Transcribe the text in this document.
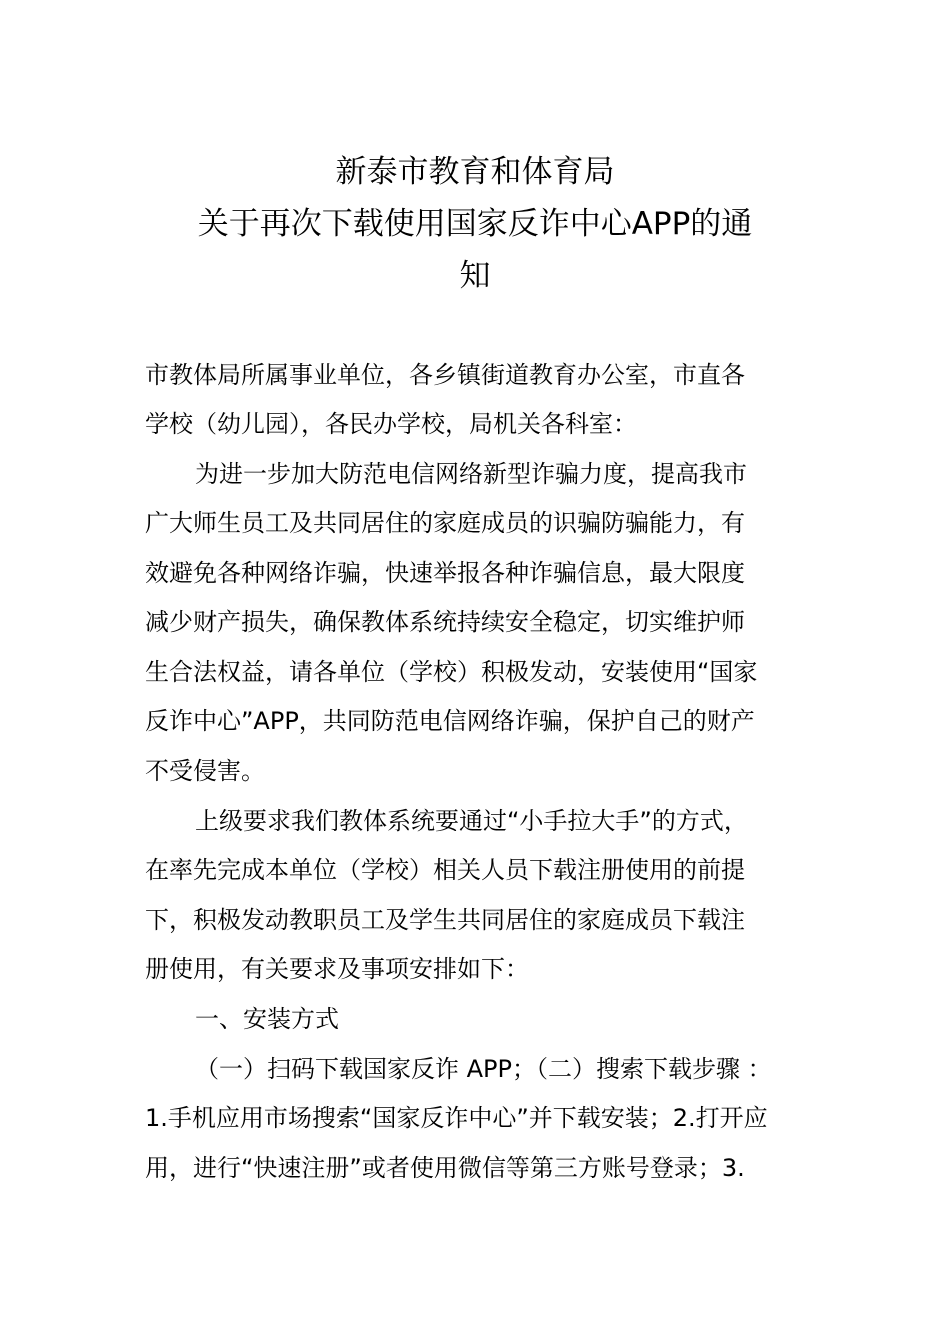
新泰市教育和体育局
关于再次下载使用国家反诈中心APP的通
知
市教体局所属事业单位，各乡镇街道教育办公室，市直各
学校（幼儿园），各民办学校，局机关各科室：
为进一步加大防范电信网络新型诈骗力度，提高我市
广大师生员工及共同居住的家庭成员的识骗防骗能力，有
效避免各种网络诈骗，快速举报各种诈骗信息，最大限度
减少财产损失，确保教体系统持续安全稳定，切实维护师
生合法权益，请各单位（学校）积极发动，安装使用“国家
反诈中心”APP，共同防范电信网络诈骗，保护自己的财产
不受侵害。
上级要求我们教体系统要通过“小手拉大手”的方式，
在率先完成本单位（学校）相关人员下载注册使用的前提
下，积极发动教职员工及学生共同居住的家庭成员下载注
册使用，有关要求及事项安排如下：
一、安装方式
（一）扫码下载国家反诈 APP；（二）搜索下载步骤 ：
1.手机应用市场搜索“国家反诈中心”并下载安装；2.打开应
用，进行“快速注册”或者使用微信等第三方账号登录；3.
